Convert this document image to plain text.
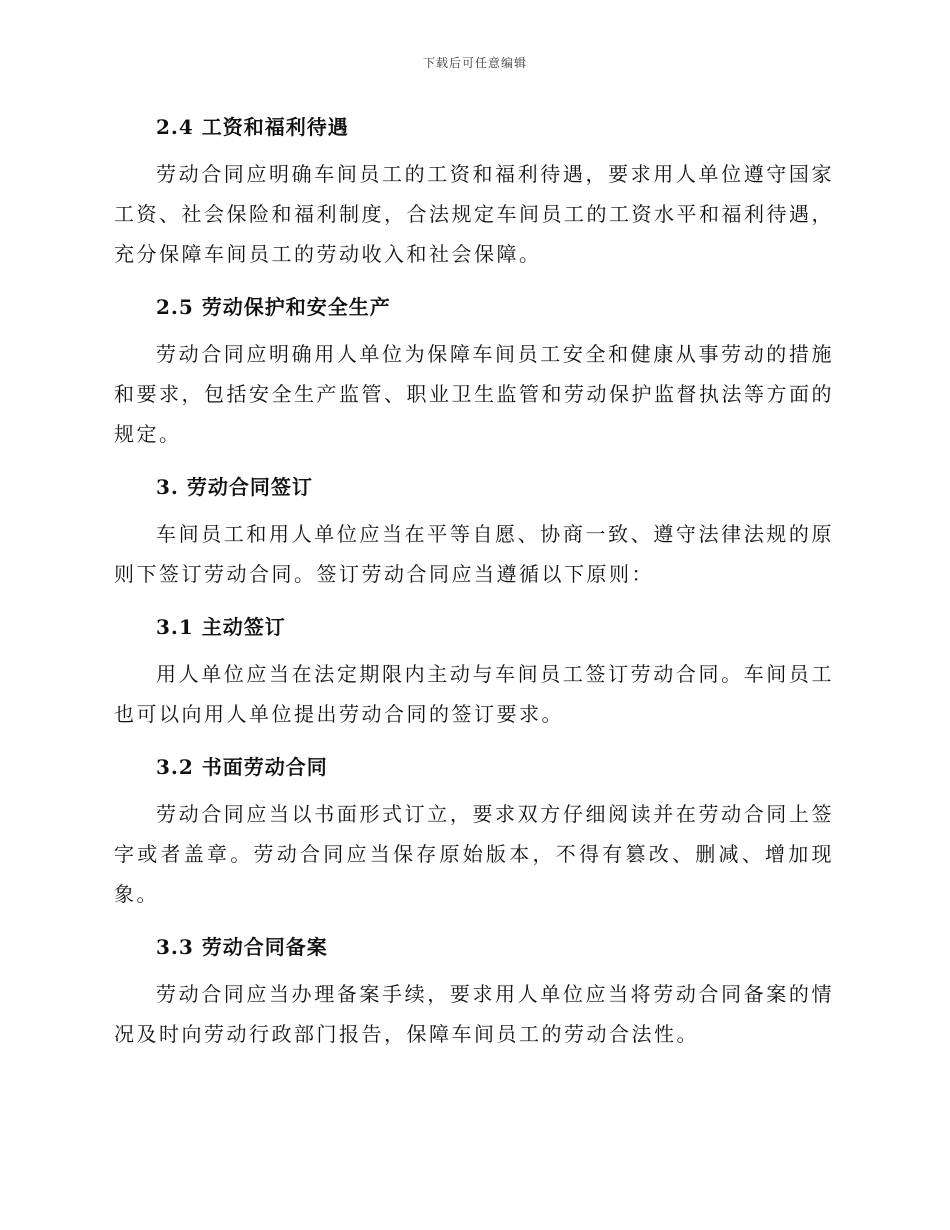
下载后可任意编辑
2.4 工资和福利待遇

劳动合同应明确车间员工的工资和福利待遇，要求用人单位遵守国家工资、社会保险和福利制度，合法规定车间员工的工资水平和福利待遇，充分保障车间员工的劳动收入和社会保障。

2.5 劳动保护和安全生产

劳动合同应明确用人单位为保障车间员工安全和健康从事劳动的措施和要求，包括安全生产监管、职业卫生监管和劳动保护监督执法等方面的规定。

3. 劳动合同签订

车间员工和用人单位应当在平等自愿、协商一致、遵守法律法规的原则下签订劳动合同。签订劳动合同应当遵循以下原则：

3.1 主动签订

用人单位应当在法定期限内主动与车间员工签订劳动合同。车间员工也可以向用人单位提出劳动合同的签订要求。

3.2 书面劳动合同

劳动合同应当以书面形式订立，要求双方仔细阅读并在劳动合同上签字或者盖章。劳动合同应当保存原始版本，不得有篡改、删减、增加现象。

3.3 劳动合同备案

劳动合同应当办理备案手续，要求用人单位应当将劳动合同备案的情况及时向劳动行政部门报告，保障车间员工的劳动合法性。
